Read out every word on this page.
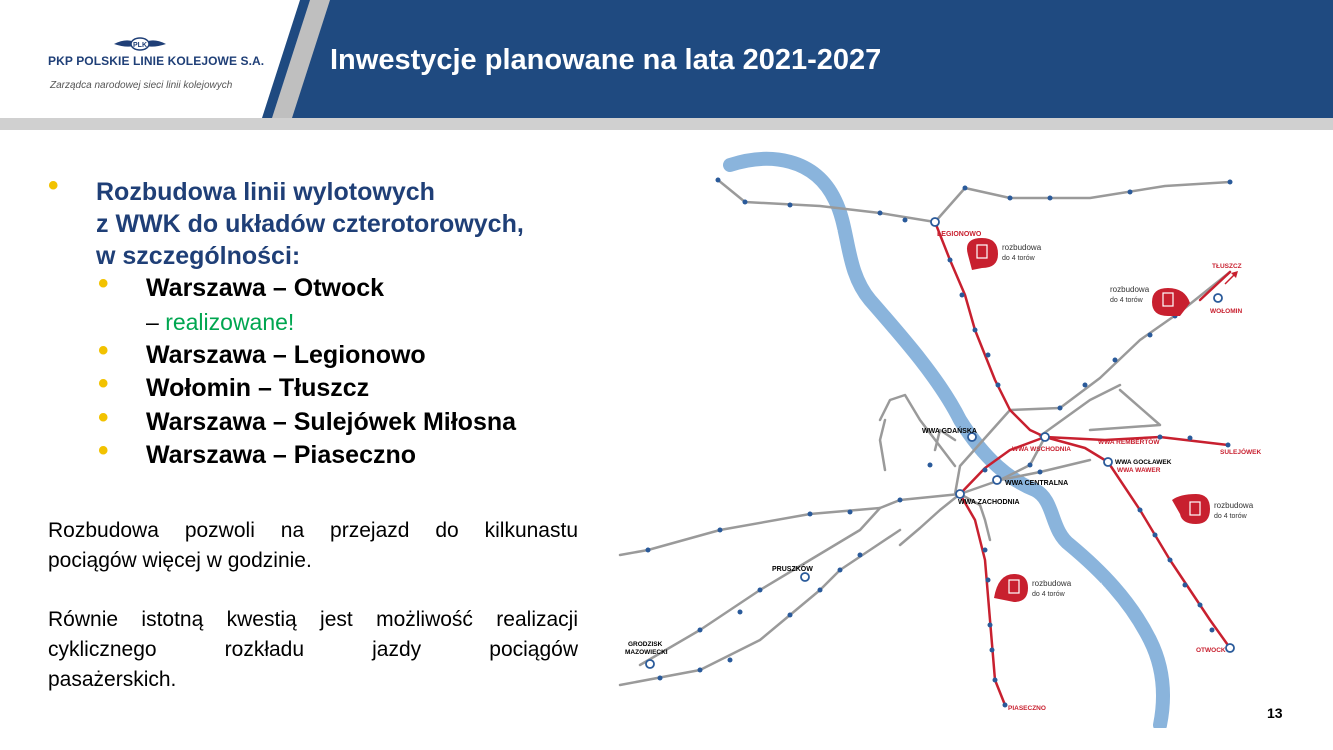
PLK
PKP POLSKIE LINIE KOLEJOWE S.A.
Zarządca narodowej sieci linii kolejowych
Inwestycje planowane na lata 2021-2027
• Rozbudowa linii wylotowych
z WWK do układów czterotorowych,
w szczególności:
• Warszawa – Otwock
– realizowane!
• Warszawa – Legionowo
• Wołomin – Tłuszcz
• Warszawa – Sulejówek Miłosna
• Warszawa – Piaseczno
Rozbudowa pozwoli na przejazd do kilkunastu
pociągów więcej w godzinie.
Równie istotną kwestią jest możliwość realizacji
cyklicznego rozkładu jazdy pociągów
pasażerskich.
Wisła
Wisła
LEGIONOWO
TŁUSZCZ
WOŁOMIN
WWA GDAŃSKA
WWA WSCHODNIA
WWA REMBERTÓW
SULEJÓWEK
WWA GOCŁAWEK
WWA WAWER
WWA CENTRALNA
WWA ZACHODNIA
PRUSZKÓW
GRODZISK
MAZOWIECKI	OTWOCK
PIASECZNO
rozbudowa
do 4 torów
rozbudowa
do 4 torów
rozbudowa
do 4 torów
rozbudowa
do 4 torów
13
